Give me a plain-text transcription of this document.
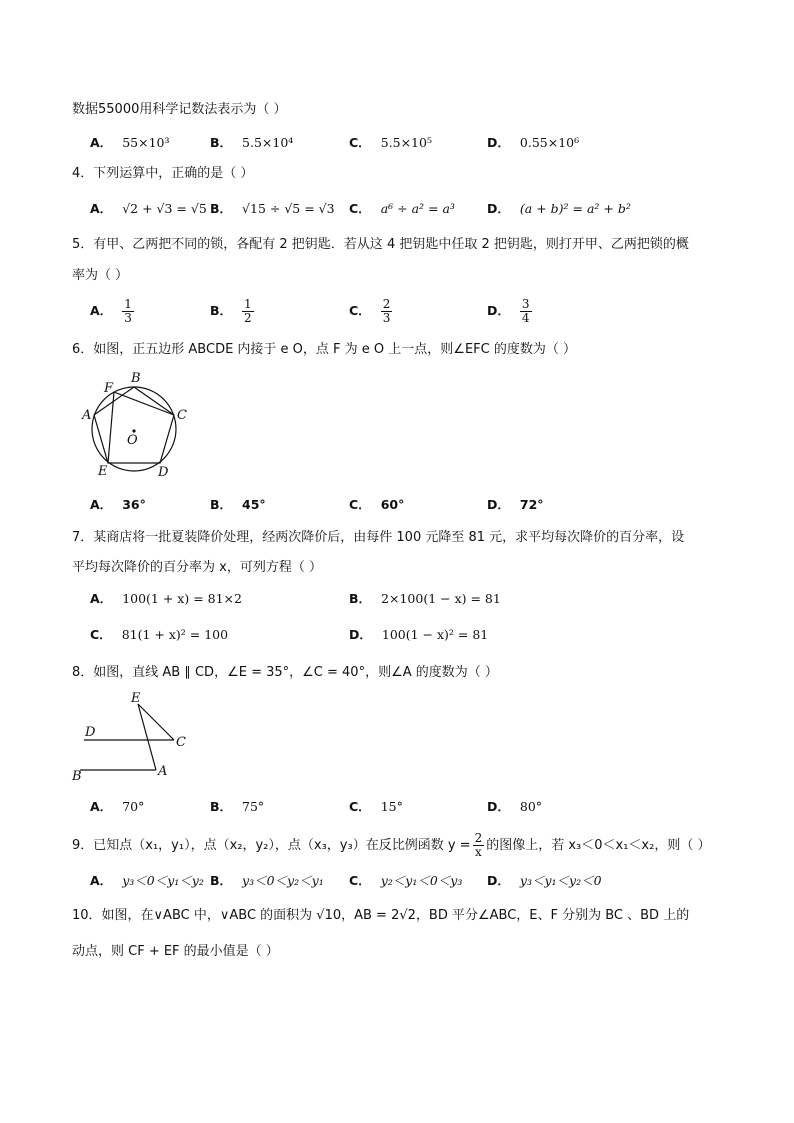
数据55000用科学记数法表示为（ ）
A． 55×10³	B． 5.5×10⁴	C． 5.5×10⁵	D． 0.55×10⁶
4．下列运算中，正确的是（ ）
A． √2 + √3 = √5 B． √15 ÷ √5 = √3 C． a⁶ ÷ a² = a³	D． (a + b)² = a² + b²
5．有甲、乙两把不同的锁，各配有 2 把钥匙．若从这 4 把钥匙中任取 2 把钥匙，则打开甲、乙两把锁的概
率为（ ）
A． $\frac{1}{3}$	B． $\frac{1}{2}$	C． $\frac{2}{3}$	D． $\frac{3}{4}$
6．如图，正五边形 ABCDE 内接于 e O，点 F 为 e O 上一点，则∠EFC 的度数为（ ）
F
B
A	C
O
E	D
A． 36°	B． 45°	C． 60°	D． 72°
7．某商店将一批夏装降价处理，经两次降价后，由每件 100 元降至 81 元，求平均每次降价的百分率，设
平均每次降价的百分率为 x，可列方程（ ）
A． 100(1 + x) = 81×2	B． 2×100(1 − x) = 81
C． 81(1 + x)² = 100	D． 100(1 − x)² = 81
8．如图，直线 AB ∥ CD，∠E = 35°，∠C = 40°，则∠A 的度数为（ ）
E
D
C
B	A
A． 70°	B． 75°	C． 15°	D． 80°
9．已知点（x₁，y₁），点（x₂，y₂），点（x₃，y₃）在反比例函数 $y = \frac{2}{x}$ 的图像上，若 x₃＜0＜x₁＜x₂，则（ ）
A． y₃＜0＜y₁＜y₂ B． y₃＜0＜y₂＜y₁ C． y₂＜y₁＜0＜y₃ D． y₃＜y₁＜y₂＜0
10．如图，在∨ABC 中，∨ABC 的面积为 √10，AB = 2√2，BD 平分∠ABC，E、F 分别为 BC 、BD 上的
动点，则 CF + EF 的最小值是（ ）
